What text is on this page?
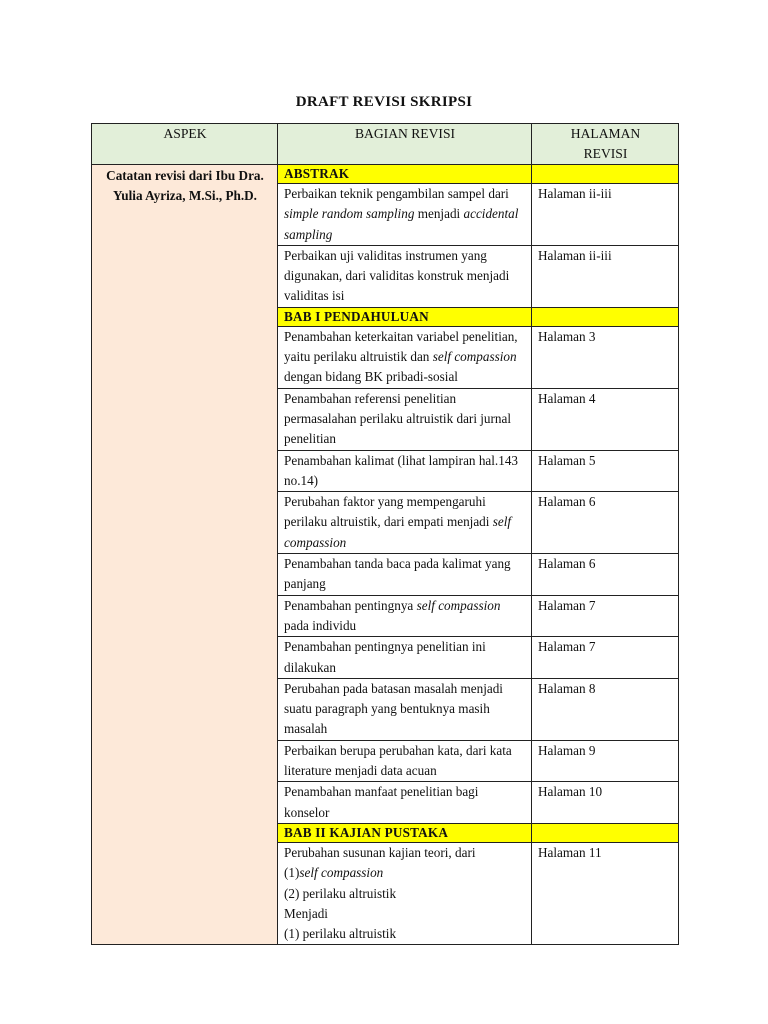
DRAFT REVISI SKRIPSI
ASPEK	BAGIAN REVISI	HALAMAN
REVISI

Catatan revisi dari Ibu Dra. Yulia Ayriza, M.Si., Ph.D.	ABSTRAK	
	Perbaikan teknik pengambilan sampel dari simple random sampling menjadi accidental sampling	Halaman ii-iii
	Perbaikan uji validitas instrumen yang digunakan, dari validitas konstruk menjadi validitas isi	Halaman ii-iii
	BAB I PENDAHULUAN	
	Penambahan keterkaitan variabel penelitian, yaitu perilaku altruistik dan self compassion dengan bidang BK pribadi-sosial	Halaman 3
	Penambahan referensi penelitian permasalahan perilaku altruistik dari jurnal penelitian	Halaman 4
	Penambahan kalimat (lihat lampiran hal.143 no.14)	Halaman 5
	Perubahan faktor yang mempengaruhi perilaku altruistik, dari empati menjadi self compassion	Halaman 6
	Penambahan tanda baca pada kalimat yang panjang	Halaman 6
	Penambahan pentingnya self compassion pada individu	Halaman 7
	Penambahan pentingnya penelitian ini dilakukan	Halaman 7
	Perubahan pada batasan masalah menjadi suatu paragraph yang bentuknya masih masalah	Halaman 8
	Perbaikan berupa perubahan kata, dari kata literature menjadi data acuan	Halaman 9
	Penambahan manfaat penelitian bagi konselor	Halaman 10
	BAB II KAJIAN PUSTAKA	

	Perubahan susunan kajian teori, dari
(1)self compassion
(2) perilaku altruistik
Menjadi
(1) perilaku altruistik	Halaman 11
